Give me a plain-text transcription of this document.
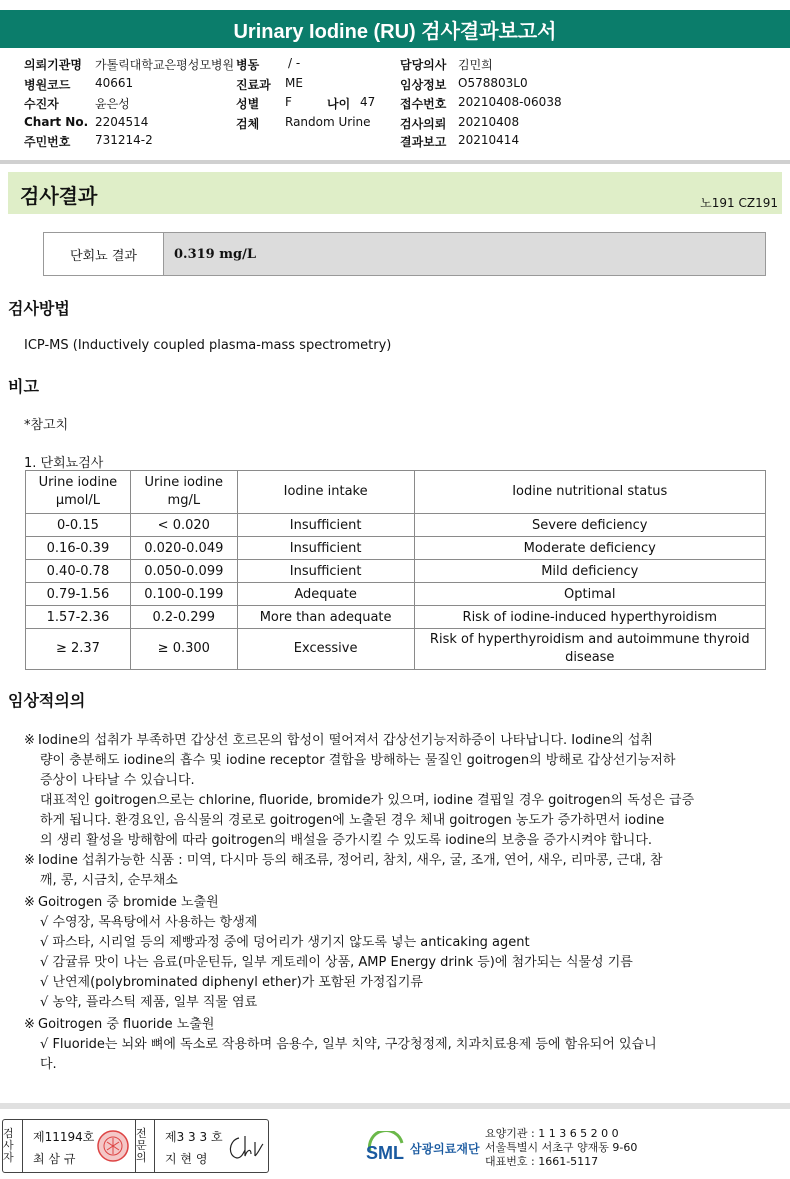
Urinary Iodine (RU) 검사결과보고서
의뢰기관명 가톨릭대학교은평성모병원 병동 / -	담당의사 김민희
병원코드 40661	진료과 ME	임상정보 O578803L0
수진자	윤은성	성별 F	나이 47 접수번호 20210408-06038
Chart No. 2204514	검체 Random Urine 검사의뢰 20210408
주민번호 731214-2	결과보고 20210414
검사결과	노191 CZ191
단회뇨 결과	0.319 mg/L
검사방법
ICP-MS (Inductively coupled plasma-mass spectrometry)
비고
*참고치
1. 단회뇨검사
Urine iodine μmol/L	Urine iodine mg/L	Iodine intake	Iodine nutritional status
0-0.15	< 0.020	Insufficient	Severe deficiency
0.16-0.39	0.020-0.049	Insufficient	Moderate deficiency
0.40-0.78	0.050-0.099	Insufficient	Mild deficiency
0.79-1.56	0.100-0.199	Adequate	Optimal
1.57-2.36	0.2-0.299	More than adequate	Risk of iodine-induced hyperthyroidism
≥ 2.37	≥ 0.300	Excessive	Risk of hyperthyroidism and autoimmune thyroid disease
임상적의의
※ Iodine의 섭취가 부족하면 갑상선 호르몬의 합성이 떨어져서 갑상선기능저하증이 나타납니다. Iodine의 섭취
량이 충분해도 iodine의 흡수 및 iodine receptor 결합을 방해하는 물질인 goitrogen의 방해로 갑상선기능저하
증상이 나타날 수 있습니다.
대표적인 goitrogen으로는 chlorine, fluoride, bromide가 있으며, iodine 결핍일 경우 goitrogen의 독성은 급증
하게 됩니다. 환경요인, 음식물의 경로로 goitrogen에 노출된 경우 체내 goitrogen 농도가 증가하면서 iodine
의 생리 활성을 방해함에 따라 goitrogen의 배설을 증가시킬 수 있도록 iodine의 보충을 증가시켜야 합니다.
※ Iodine 섭취가능한 식품 : 미역, 다시마 등의 해조류, 정어리, 참치, 새우, 굴, 조개, 연어, 새우, 리마콩, 근대, 참
깨, 콩, 시금치, 순무채소
※ Goitrogen 중 bromide 노출원
√ 수영장, 목욕탕에서 사용하는 항생제
√ 파스타, 시리얼 등의 제빵과정 중에 덩어리가 생기지 않도록 넣는 anticaking agent
√ 감귤류 맛이 나는 음료(마운틴듀, 일부 게토레이 상품, AMP Energy drink 등)에 첨가되는 식물성 기름
√ 난연제(polybrominated diphenyl ether)가 포함된 가정집기류
√ 농약, 플라스틱 제품, 일부 직물 염료
※ Goitrogen 중 fluoride 노출원
√ Fluoride는 뇌와 뼈에 독소로 작용하며 음용수, 일부 치약, 구강청정제, 치과치료용제 등에 함유되어 있습니
다.
검사자
제11194호
최 삼 규
전문의
제3 3 3 호
지 현 영	SML 삼광의료재단
요양기관 : 1 1 3 6 5 2 0 0
서울특별시 서초구 양재동 9-60
대표번호 : 1661-5117
